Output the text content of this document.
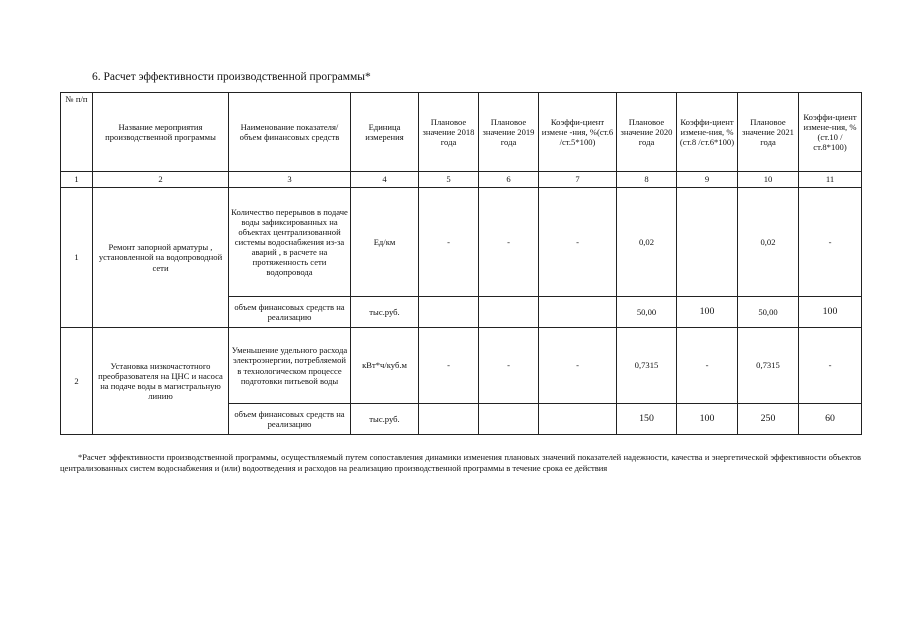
6. Расчет эффективности производственной программы*
№ п/п	Название мероприятия производственной программы	Наименование показателя/ объем финансовых средств	Единица измерения	Плановое значение 2018 года	Плановое значение 2019 года	Коэффи-циент измене -ния, %(ст.6 /ст.5*100)	Плановое значение 2020 года	Коэффи-циент измене-ния, % (ст.8 /ст.6*100)	Плановое значение 2021 года	Коэффи-циент измене-ния, % (ст.10 /ст.8*100)
1	2	3	4	5	6	7	8	9	10	11
1	Ремонт запорной арматуры , установленной на водопроводной сети	Количество перерывов в подаче воды зафиксированных на объектах централизованной системы водоснабжения из-за аварий , в расчете на протяженность сети водопровода	Ед/км	-	-	-	0,02		0,02	-
		объем финансовых средств на реализацию	тыс.руб.				50,00	100	50,00	100
2	Установка низкочастотного преобразователя на ЦНС и насоса на подаче воды в магистральную линию	Уменьшение удельного расхода электроэнергии, потребляемой в технологическом процессе подготовки питьевой воды	кВт*ч/куб.м	-	-	-	0,7315	-	0,7315	-
		объем финансовых средств на реализацию	тыс.руб.				150	100	250	60
*Расчет эффективности производственной программы, осуществляемый путем сопоставления динамики изменения плановых значений показателей надежности, качества и энергетической эффективности объектов централизованных систем водоснабжения и (или) водоотведения и расходов на реализацию производственной программы в течение срока ее действия
